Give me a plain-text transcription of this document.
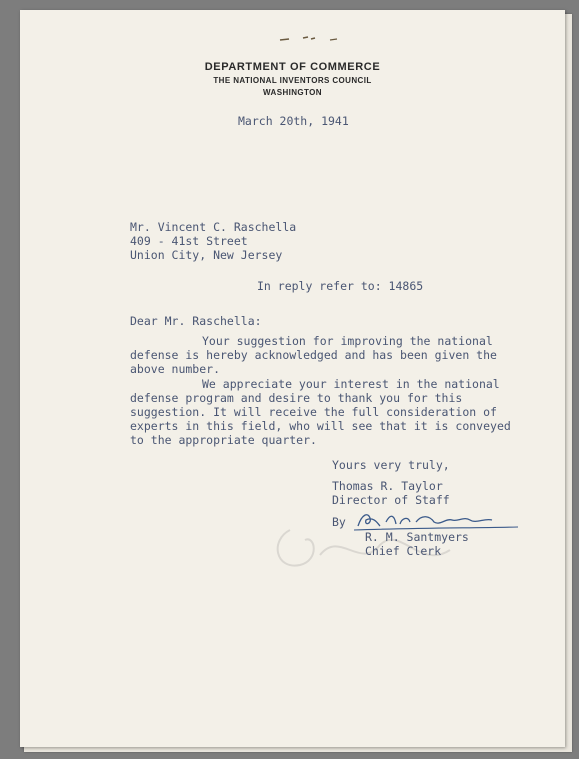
DEPARTMENT OF COMMERCE
THE NATIONAL INVENTORS COUNCIL
WASHINGTON
March 20th, 1941
Mr. Vincent C. Raschella
409 - 41st Street
Union City, New Jersey
In reply refer to: 14865
Dear Mr. Raschella:
Your suggestion for improving the national defense is hereby acknowledged and has been given the above number.
We appreciate your interest in the national defense program and desire to thank you for this suggestion. It will receive the full consideration of experts in this field, who will see that it is conveyed to the appropriate quarter.
Yours very truly,
Thomas R. Taylor
Director of Staff
By
R. M. Santmyers
Chief Clerk
